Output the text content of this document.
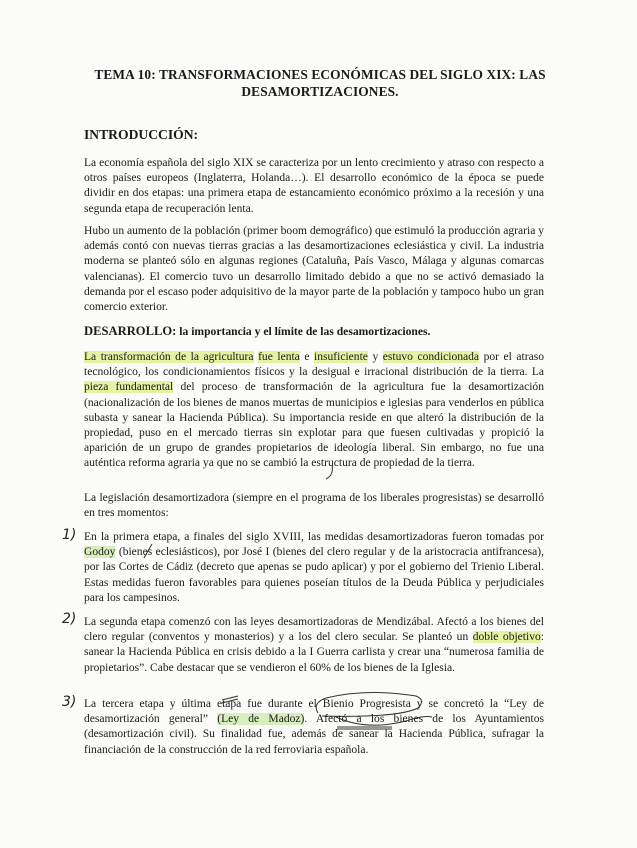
TEMA 10: TRANSFORMACIONES ECONÓMICAS DEL SIGLO XIX: LAS DESAMORTIZACIONES.
INTRODUCCIÓN:

La economía española del siglo XIX se caracteriza por un lento crecimiento y atraso con respecto a otros países europeos (Inglaterra, Holanda…). El desarrollo económico de la época se puede dividir en dos etapas: una primera etapa de estancamiento económico próximo a la recesión y una segunda etapa de recuperación lenta.

Hubo un aumento de la población (primer boom demográfico) que estimuló la producción agraria y además contó con nuevas tierras gracias a las desamortizaciones eclesiástica y civil. La industria moderna se planteó sólo en algunas regiones (Cataluña, País Vasco, Málaga y algunas comarcas valencianas). El comercio tuvo un desarrollo limitado debido a que no se activó demasiado la demanda por el escaso poder adquisitivo de la mayor parte de la población y tampoco hubo un gran comercio exterior.

DESARROLLO: la importancia y el límite de las desamortizaciones.

La transformación de la agricultura fue lenta e insuficiente y estuvo condicionada por el atraso tecnológico, los condicionamientos físicos y la desigual e irracional distribución de la tierra. La pieza fundamental del proceso de transformación de la agricultura fue la desamortización (nacionalización de los bienes de manos muertas de municipios e iglesias para venderlos en pública subasta y sanear la Hacienda Pública). Su importancia reside en que alteró la distribución de la propiedad, puso en el mercado tierras sin explotar para que fuesen cultivadas y propició la aparición de un grupo de grandes propietarios de ideología liberal. Sin embargo, no fue una auténtica reforma agraria ya que no se cambió la estructura de propiedad de la tierra.

La legislación desamortizadora (siempre en el programa de los liberales progresistas) se desarrolló en tres momentos:

1) En la primera etapa, a finales del siglo XVIII, las medidas desamortizadoras fueron tomadas por Godoy (bienes eclesiásticos), por José I (bienes del clero regular y de la aristocracia antifrancesa), por las Cortes de Cádiz (decreto que apenas se pudo aplicar) y por el gobierno del Trienio Liberal. Estas medidas fueron favorables para quienes poseían títulos de la Deuda Pública y perjudiciales para los campesinos.

2) La segunda etapa comenzó con las leyes desamortizadoras de Mendizábal. Afectó a los bienes del clero regular (conventos y monasterios) y a los del clero secular. Se planteó un doble objetivo: sanear la Hacienda Pública en crisis debido a la I Guerra carlista y crear una “numerosa familia de propietarios”. Cabe destacar que se vendieron el 60% de los bienes de la Iglesia.

3) La tercera etapa y última etapa fue durante el Bienio Progresista y se concretó la “Ley de desamortización general” (Ley de Madoz). Afectó a los bienes de los Ayuntamientos (desamortización civil). Su finalidad fue, además de sanear la Hacienda Pública, sufragar la financiación de la construcción de la red ferroviaria española.
